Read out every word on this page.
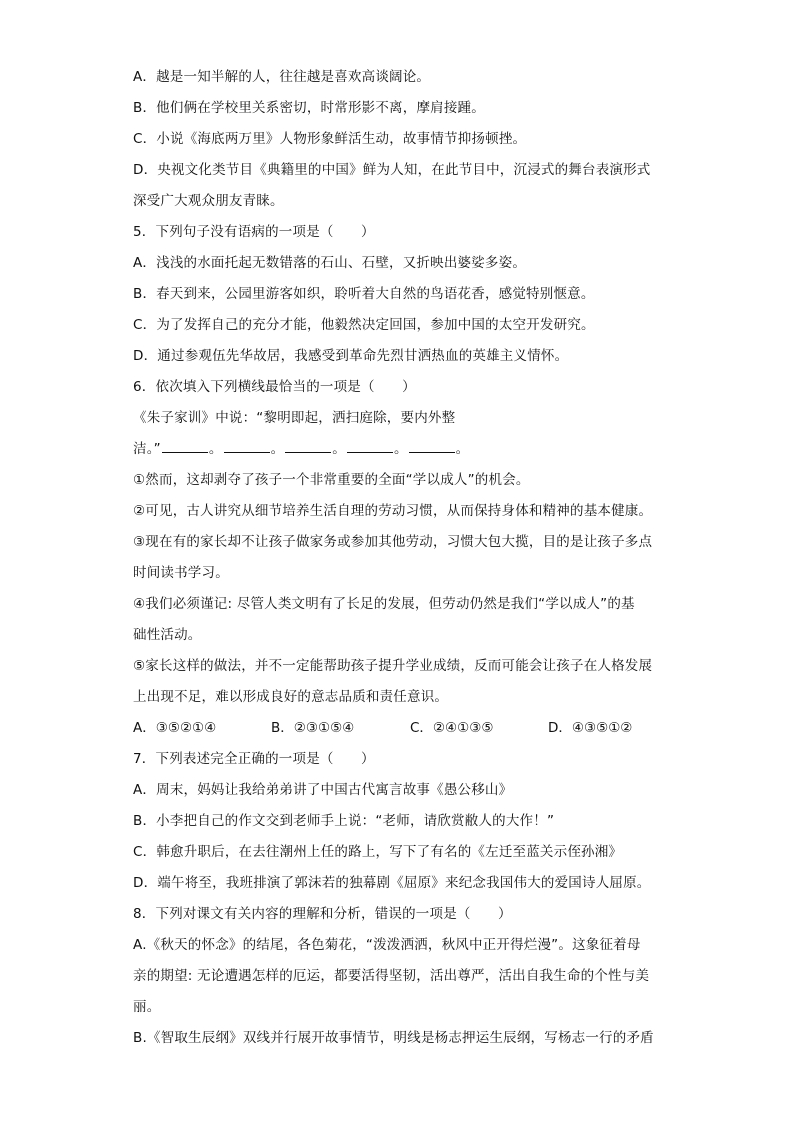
A．越是一知半解的人，往往越是喜欢高谈阔论。
B．他们俩在学校里关系密切，时常形影不离，摩肩接踵。
C．小说《海底两万里》人物形象鲜活生动，故事情节抑扬顿挫。
D．央视文化类节目《典籍里的中国》鲜为人知，在此节目中，沉浸式的舞台表演形式
深受广大观众朋友青睐。
5．下列句子没有语病的一项是（　　）
A．浅浅的水面托起无数错落的石山、石壁，又折映出婆娑多姿。
B．春天到来，公园里游客如织，聆听着大自然的鸟语花香，感觉特别惬意。
C．为了发挥自己的充分才能，他毅然决定回国，参加中国的太空开发研究。
D．通过参观伍先华故居，我感受到革命先烈甘洒热血的英雄主义情怀。
6．依次填入下列横线最恰当的一项是（　　）
《朱子家训》中说：“黎明即起，洒扫庭除，要内外整
洁。”	。	。	。	。	。
①然而，这却剥夺了孩子一个非常重要的全面“学以成人”的机会。
②可见，古人讲究从细节培养生活自理的劳动习惯，从而保持身体和精神的基本健康。
③现在有的家长却不让孩子做家务或参加其他劳动，习惯大包大揽，目的是让孩子多点
时间读书学习。
④我们必须谨记: 尽管人类文明有了长足的发展，但劳动仍然是我们“学以成人”的基
础性活动。
⑤家长这样的做法，并不一定能帮助孩子提升学业成绩，反而可能会让孩子在人格发展
上出现不足，难以形成良好的意志品质和责任意识。
A．③⑤②①④	B．②③①⑤④	C．②④①③⑤	D．④③⑤①②
7．下列表述完全正确的一项是（　　）
A．周末，妈妈让我给弟弟讲了中国古代寓言故事《愚公移山》
B．小李把自己的作文交到老师手上说：“老师，请欣赏敝人的大作！”
C．韩愈升职后，在去往潮州上任的路上，写下了有名的《左迁至蓝关示侄孙湘》
D．端午将至，我班排演了郭沫若的独幕剧《屈原》来纪念我国伟大的爱国诗人屈原。
8．下列对课文有关内容的理解和分析，错误的一项是（　　）
A.《秋天的怀念》的结尾，各色菊花，“泼泼洒洒，秋风中正开得烂漫”。这象征着母
亲的期望: 无论遭遇怎样的厄运，都要活得坚韧，活出尊严，活出自我生命的个性与美
丽。
B.《智取生辰纲》双线并行展开故事情节，明线是杨志押运生辰纲，写杨志一行的矛盾
